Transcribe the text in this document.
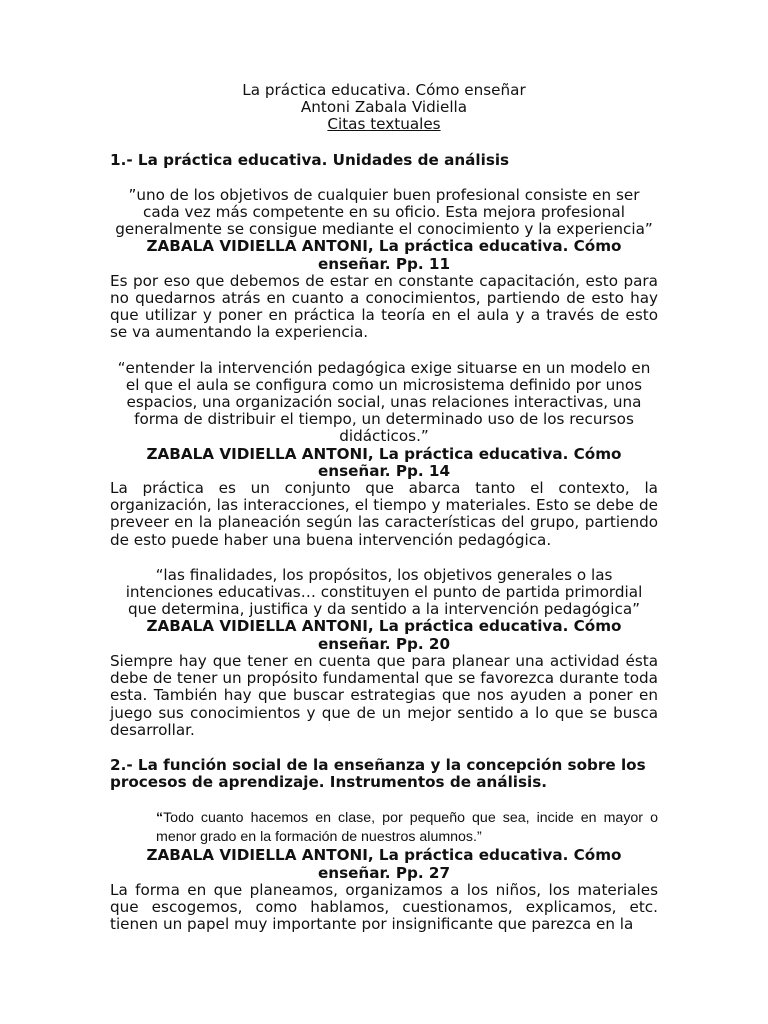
La práctica educativa. Cómo enseñar

Antoni Zabala Vidiella

Citas textuales

1.- La práctica educativa. Unidades de análisis

”uno de los objetivos de cualquier buen profesional consiste en ser cada vez más competente en su oficio. Esta mejora profesional generalmente se consigue mediante el conocimiento y la experiencia”

ZABALA VIDIELLA ANTONI, La práctica educativa. Cómo enseñar. Pp. 11

Es por eso que debemos de estar en constante capacitación, esto para no quedarnos atrás en cuanto a conocimientos, partiendo de esto hay que utilizar y poner en práctica la teoría en el aula y a través de esto se va aumentando la experiencia.

“entender la intervención pedagógica exige situarse en un modelo en el que el aula se configura como un microsistema definido por unos espacios, una organización social, unas relaciones interactivas, una forma de distribuir el tiempo, un determinado uso de los recursos didácticos.”

ZABALA VIDIELLA ANTONI, La práctica educativa. Cómo enseñar. Pp. 14

La práctica es un conjunto que abarca tanto el contexto, la organización, las interacciones, el tiempo y materiales. Esto se debe de preveer en la planeación según las características del grupo, partiendo de esto puede haber una buena intervención pedagógica.

“las finalidades, los propósitos, los objetivos generales o las intenciones educativas… constituyen el punto de partida primordial que determina, justifica y da sentido a la intervención pedagógica”

ZABALA VIDIELLA ANTONI, La práctica educativa. Cómo enseñar. Pp. 20

Siempre hay que tener en cuenta que para planear una actividad ésta debe de tener un propósito fundamental que se favorezca durante toda esta. También hay que buscar estrategias que nos ayuden a poner en juego sus conocimientos y que de un mejor sentido a lo que se busca desarrollar.

2.- La función social de la enseñanza y la concepción sobre los procesos de aprendizaje. Instrumentos de análisis.

“Todo cuanto hacemos en clase, por pequeño que sea, incide en mayor o menor grado en la formación de nuestros alumnos.”

ZABALA VIDIELLA ANTONI, La práctica educativa. Cómo enseñar. Pp. 27

La forma en que planeamos, organizamos a los niños, los materiales que escogemos, como hablamos, cuestionamos, explicamos, etc. tienen un papel muy importante por insignificante que parezca en la
